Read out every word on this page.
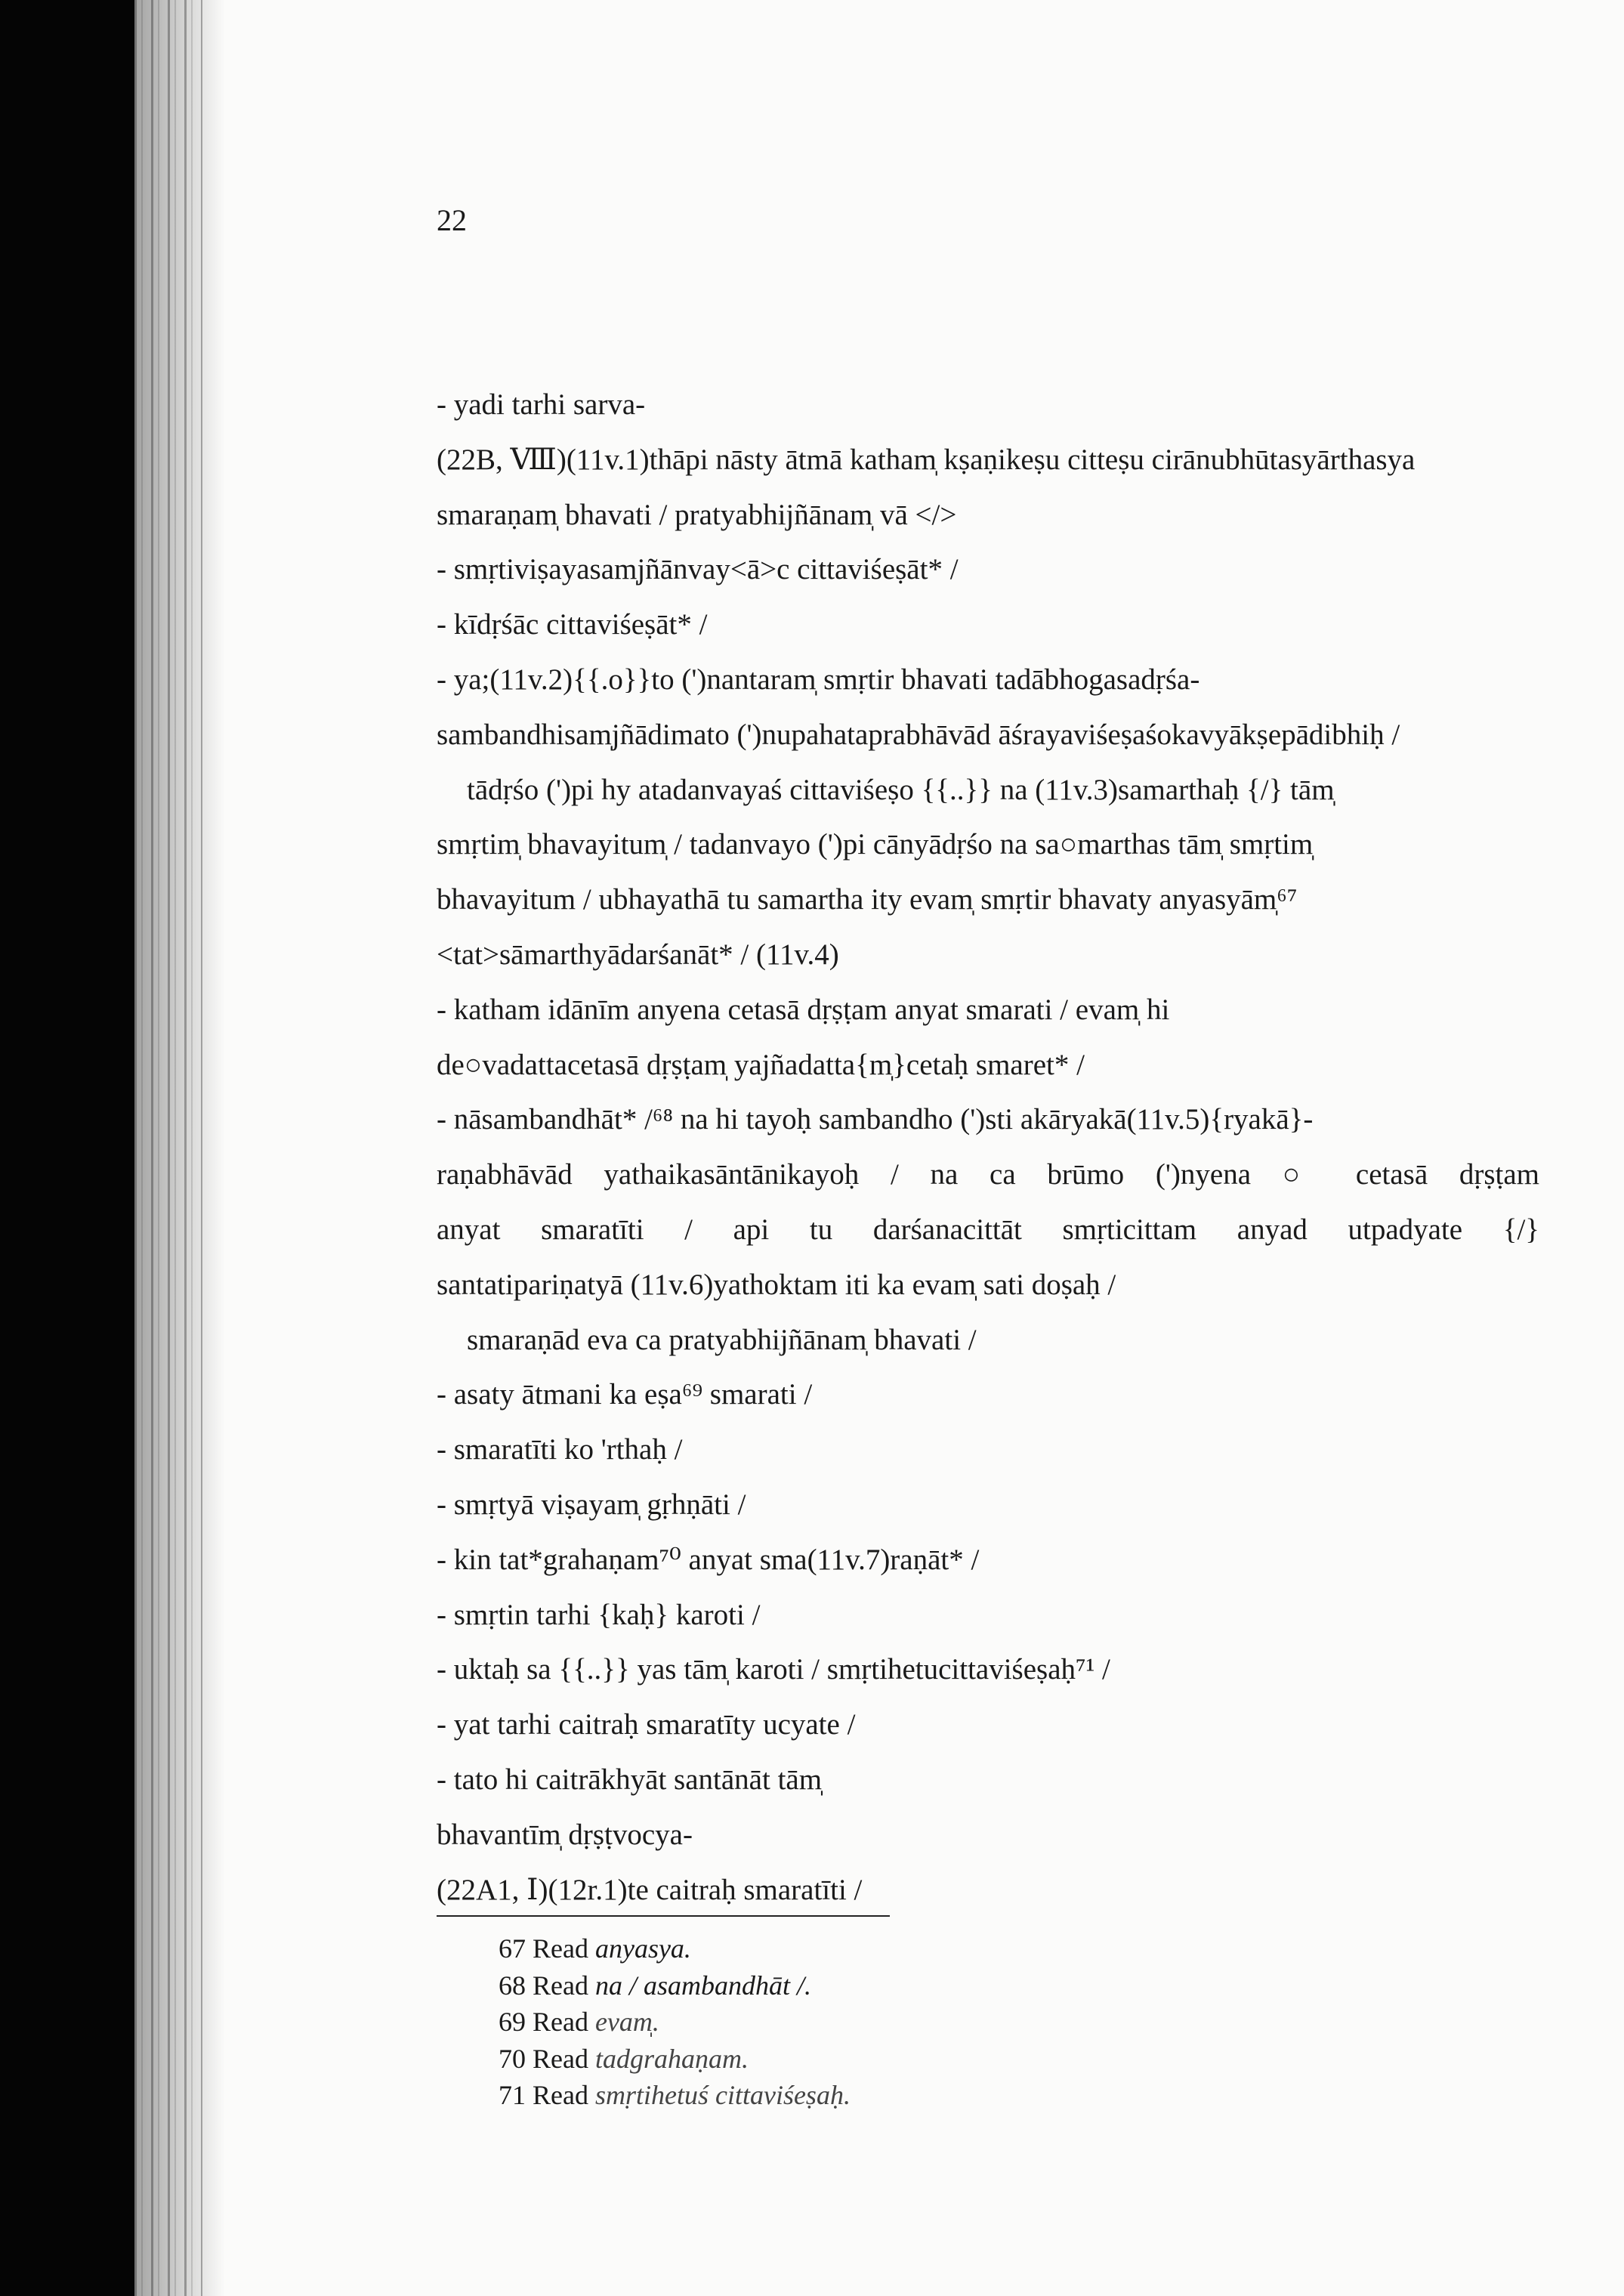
22
- yadi tarhi sarva-
(22B, Ⅷ)(11v.1)thāpi nāsty ātmā katham̩ kṣaṇikeṣu citteṣu cirānubhūtasyārthasya
smaraṇam̩ bhavati / pratyabhijñānam̩ vā </>
- smṛtiviṣayasam̩jñānvay<ā>c cittaviśeṣāt* /
- kīdṛśāc cittaviśeṣāt* /
- ya;(11v.2){{.o}}to (')nantaram̩ smṛtir bhavati tadābhogasadṛśa-
sambandhisam̩jñādimato (')nupahataprabhāvād āśrayaviśeṣaśokavyākṣepādibhiḥ /
tādṛśo (')pi hy atadanvayaś cittaviśeṣo {{..}} na (11v.3)samarthaḥ {/} tām̩
smṛtim̩ bhavayitum̩ / tadanvayo (')pi cānyādṛśo na sa○marthas tām̩ smṛtim̩
bhavayitum / ubhayathā tu samartha ity evam̩ smṛtir bhavaty anyasyām̩⁶⁷
<tat>sāmarthyādarśanāt* / (11v.4)
- katham idānīm anyena cetasā dṛṣṭam anyat smarati / evam̩ hi
de○vadattacetasā dṛṣṭam̩ yajñadatta{m̩}cetaḥ smaret* /
- nāsambandhāt* /⁶⁸ na hi tayoḥ sambandho (')sti akāryakā(11v.5){ryakā}-
raṇabhāvād yathaikasāntānikayoḥ / na ca brūmo (')nyena ○ cetasā dṛṣṭam
anyat smaratīti / api tu darśanacittāt smṛticittam anyad utpadyate {/}
santatipariṇatyā (11v.6)yathoktam iti ka evam̩ sati doṣaḥ /
smaraṇād eva ca pratyabhijñānam̩ bhavati /
- asaty ātmani ka eṣa⁶⁹ smarati /
- smaratīti ko 'rthaḥ /
- smṛtyā viṣayam̩ gṛhṇāti /
- kin tat*grahaṇam⁷⁰ anyat sma(11v.7)raṇāt* /
- smṛtin tarhi {kaḥ} karoti /
- uktaḥ sa {{..}} yas tām̩ karoti / smṛtihetucittaviśeṣaḥ⁷¹ /
- yat tarhi caitraḥ smaratīty ucyate /
- tato hi caitrākhyāt santānāt tām̩
bhavantīm̩ dṛṣṭvocya-
(22A1, Ⅰ)(12r.1)te caitraḥ smaratīti /
67 Read anyasya.
68 Read na / asambandhāt /.
69 Read evam̩.
70 Read tadgrahaṇam.
71 Read smṛtihetuś cittaviśeṣaḥ.
